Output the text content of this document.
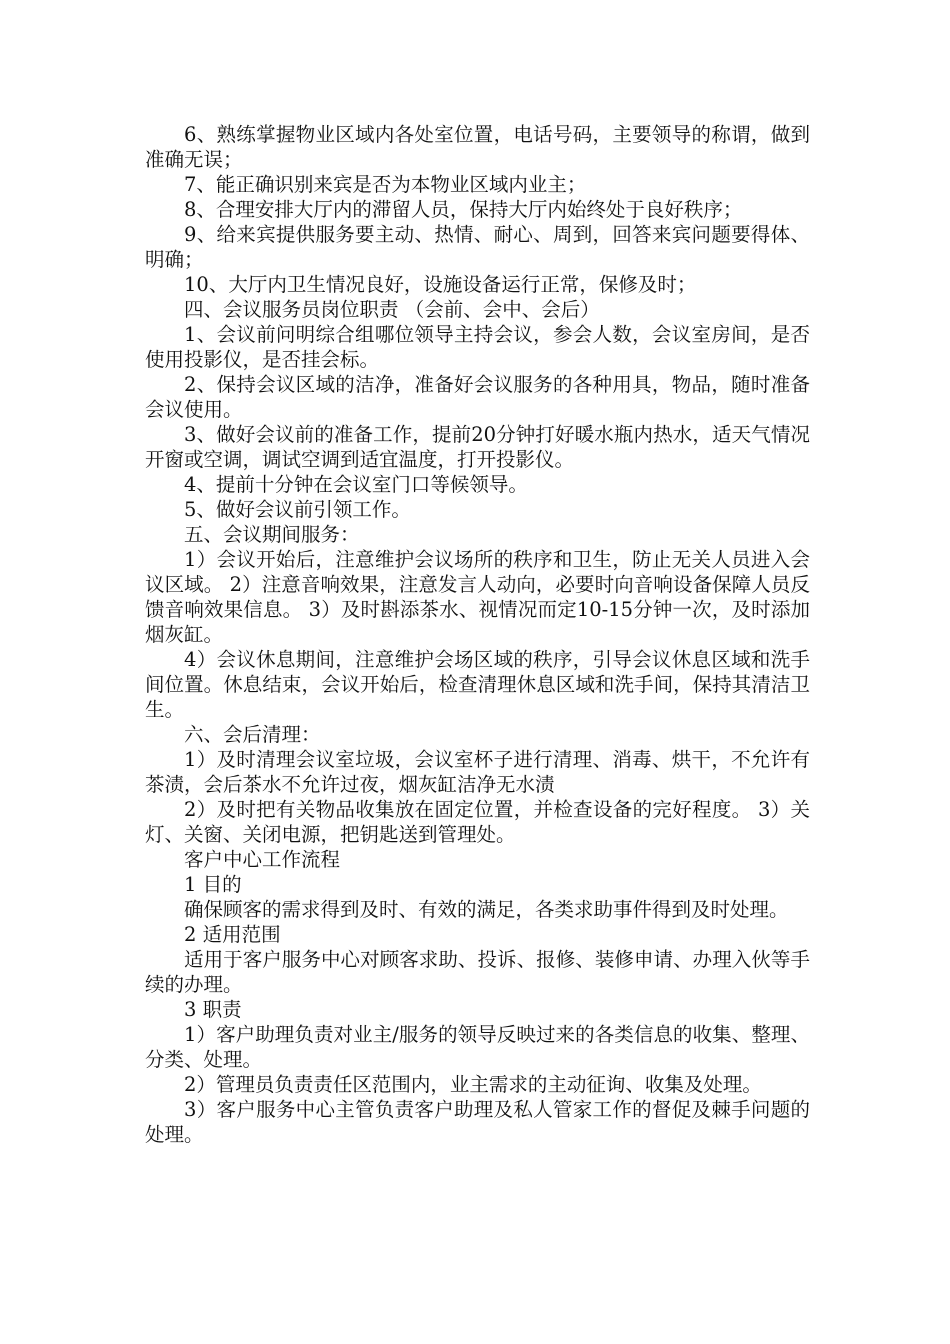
6、熟练掌握物业区域内各处室位置，电话号码，主要领导的称谓，做到准确无误；

7、能正确识别来宾是否为本物业区域内业主；

8、合理安排大厅内的滞留人员，保持大厅内始终处于良好秩序；

9、给来宾提供服务要主动、热情、耐心、周到，回答来宾问题要得体、明确；

10、大厅内卫生情况良好，设施设备运行正常，保修及时；

四、会议服务员岗位职责 （会前、会中、会后）

1、会议前问明综合组哪位领导主持会议，参会人数，会议室房间，是否使用投影仪，是否挂会标。

2、保持会议区域的洁净，准备好会议服务的各种用具，物品，随时准备会议使用。

3、做好会议前的准备工作，提前20分钟打好暖水瓶内热水，适天气情况开窗或空调，调试空调到适宜温度，打开投影仪。

4、提前十分钟在会议室门口等候领导。

5、做好会议前引领工作。

五、会议期间服务：

1）会议开始后，注意维护会议场所的秩序和卫生，防止无关人员进入会议区域。 2）注意音响效果，注意发言人动向，必要时向音响设备保障人员反馈音响效果信息。 3）及时斟添茶水、视情况而定10-15分钟一次，及时添加烟灰缸。

4）会议休息期间，注意维护会场区域的秩序，引导会议休息区域和洗手间位置。休息结束，会议开始后，检查清理休息区域和洗手间，保持其清洁卫生。

六、会后清理：

1）及时清理会议室垃圾，会议室杯子进行清理、消毒、烘干，不允许有茶渍，会后茶水不允许过夜，烟灰缸洁净无水渍

2）及时把有关物品收集放在固定位置，并检查设备的完好程度。 3）关灯、关窗、关闭电源，把钥匙送到管理处。

客户中心工作流程

1 目的

确保顾客的需求得到及时、有效的满足，各类求助事件得到及时处理。

2 适用范围

适用于客户服务中心对顾客求助、投诉、报修、装修申请、办理入伙等手续的办理。

3 职责

1）客户助理负责对业主/服务的领导反映过来的各类信息的收集、整理、分类、处理。

2）管理员负责责任区范围内，业主需求的主动征询、收集及处理。

3）客户服务中心主管负责客户助理及私人管家工作的督促及棘手问题的处理。
